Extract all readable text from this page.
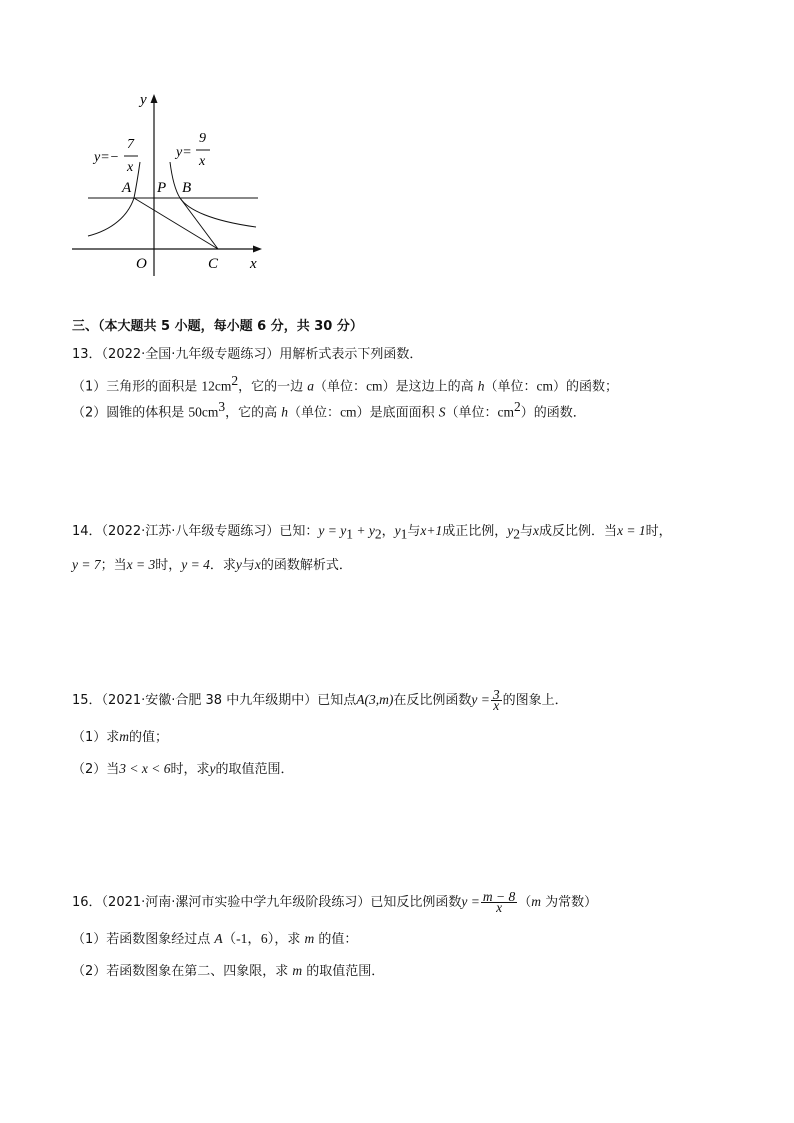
y
x
O
A P B
C
y=−
7
x
y=
9
x
三、（本大题共 5 小题，每小题 6 分，共 30 分）
13．（2022·全国·九年级专题练习）用解析式表示下列函数．
（1）三角形的面积是 $12cm^2$，它的一边 a（单位：cm）是这边上的高 h（单位：cm）的函数；
（2）圆锥的体积是 $50cm^3$，它的高 h（单位：cm）是底面面积 S（单位：$cm^2$）的函数．
14．（2022·江苏·八年级专题练习）已知：$y = y_1 + y_2$，$y_1$与x+1成正比例，$y_2$与x成反比例．当x = 1时，
y = 7；当x = 3时，y = 4．求y与x的函数解析式．
15．（2021·安徽·合肥 38 中九年级期中）已知点A(3,m)在反比例函数$y = \frac{3}{x}$ 的图象上．
（1）求m的值；
（2）当3 < x < 6时，求y的取值范围．
16．（2021·河南·漯河市实验中学九年级阶段练习）已知反比例函数$y = \frac{m - 8}{x} (m$ 为常数）
（1）若函数图象经过点 A（-1，6），求 m 的值：
（2）若函数图象在第二、四象限，求 m 的取值范围．
